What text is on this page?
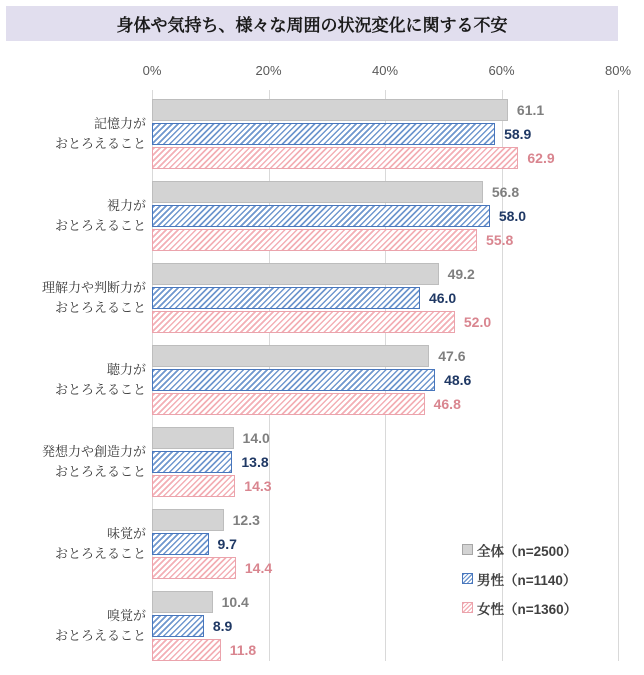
身体や気持ち、様々な周囲の状況変化に関する不安
0%	20%	40%	60%	80%
記憶力が
おとろえること
61.1
58.9
62.9
視力が
おとろえること
56.8
58.0
55.8
理解力や判断力が
おとろえること
49.2
46.0
52.0
聴力が
おとろえること
47.6
48.6
46.8
発想力や創造力が
おとろえること
14.0
13.8
14.3
味覚が
おとろえること
12.3
9.7
14.4
嗅覚が
おとろえること
10.4
8.9
11.8
全体（n=2500）
男性（n=1140）
女性（n=1360）
